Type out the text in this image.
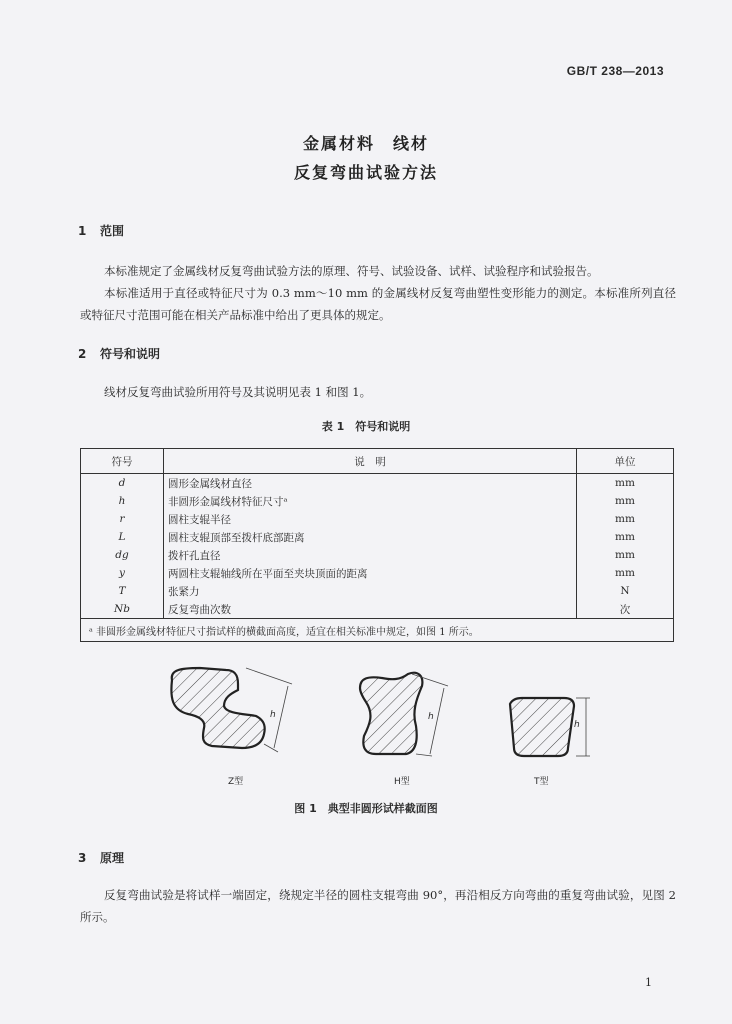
GB/T 238—2013
金属材料　线材
反复弯曲试验方法
1 范围

本标准规定了金属线材反复弯曲试验方法的原理、符号、试验设备、试样、试验程序和试验报告。

本标准适用于直径或特征尺寸为 0.3 mm～10 mm 的金属线材反复弯曲塑性变形能力的测定。本标准所列直径或特征尺寸范围可能在相关产品标准中给出了更具体的规定。

2 符号和说明

线材反复弯曲试验所用符号及其说明见表 1 和图 1。

表 1　符号和说明
符号	说　明	单位
d	圆形金属线材直径	mm
h	非圆形金属线材特征尺寸ᵃ	mm
r	圆柱支辊半径	mm
L	圆柱支辊顶部至拨杆底部距离	mm
dg	拨杆孔直径	mm
y	两圆柱支辊轴线所在平面至夹块顶面的距离	mm
T	张紧力	N
Nb	反复弯曲次数	次
ᵃ 非圆形金属线材特征尺寸指试样的横截面高度，适宜在相关标准中规定，如图 1 所示。		
h	h
h
Z型	H型	T型
图 1　典型非圆形试样截面图
3 原理

反复弯曲试验是将试样一端固定，绕规定半径的圆柱支辊弯曲 90°，再沿相反方向弯曲的重复弯曲试验，见图 2 所示。

1
